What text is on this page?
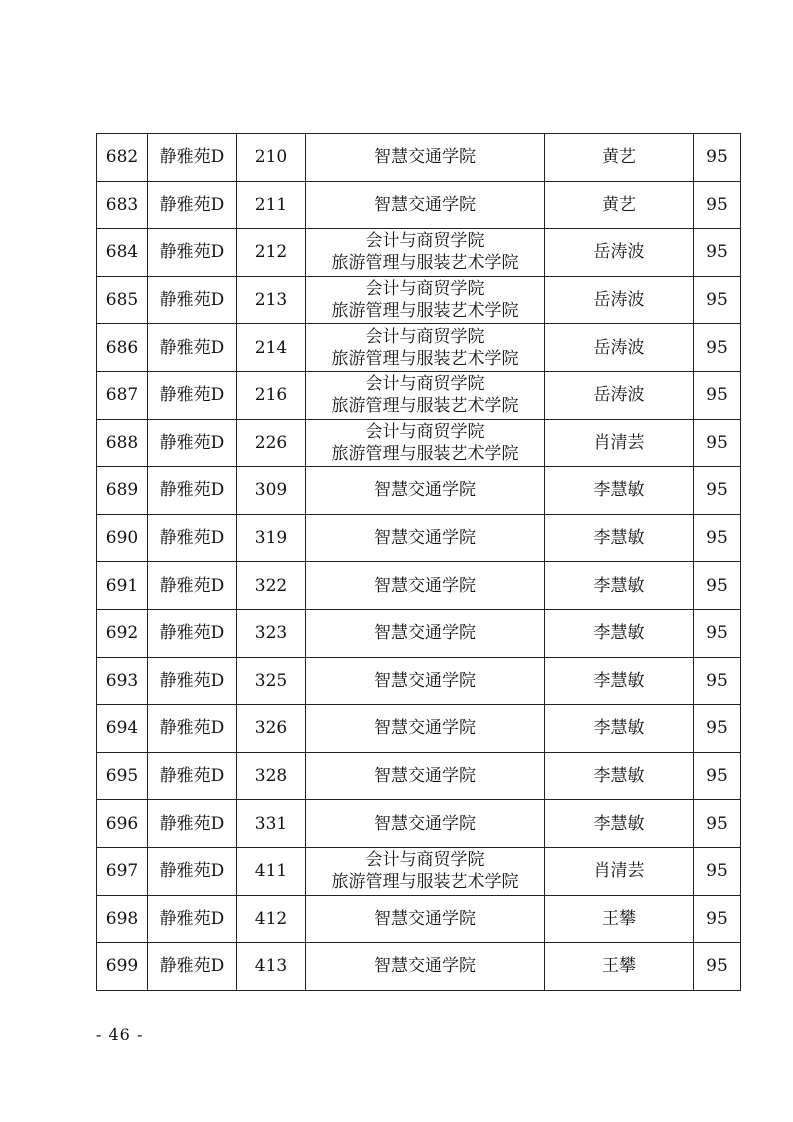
682	静雅苑D	210	智慧交通学院	黄艺	95
683	静雅苑D	211	智慧交通学院	黄艺	95
684	静雅苑D	212	会计与商贸学院
旅游管理与服装艺术学院	岳涛波	95
685	静雅苑D	213	会计与商贸学院
旅游管理与服装艺术学院	岳涛波	95
686	静雅苑D	214	会计与商贸学院
旅游管理与服装艺术学院	岳涛波	95
687	静雅苑D	216	会计与商贸学院
旅游管理与服装艺术学院	岳涛波	95
688	静雅苑D	226	会计与商贸学院
旅游管理与服装艺术学院	肖清芸	95
689	静雅苑D	309	智慧交通学院	李慧敏	95
690	静雅苑D	319	智慧交通学院	李慧敏	95
691	静雅苑D	322	智慧交通学院	李慧敏	95
692	静雅苑D	323	智慧交通学院	李慧敏	95
693	静雅苑D	325	智慧交通学院	李慧敏	95
694	静雅苑D	326	智慧交通学院	李慧敏	95
695	静雅苑D	328	智慧交通学院	李慧敏	95
696	静雅苑D	331	智慧交通学院	李慧敏	95
697	静雅苑D	411	会计与商贸学院
旅游管理与服装艺术学院	肖清芸	95
698	静雅苑D	412	智慧交通学院	王攀	95
699	静雅苑D	413	智慧交通学院	王攀	95
- 46 -
